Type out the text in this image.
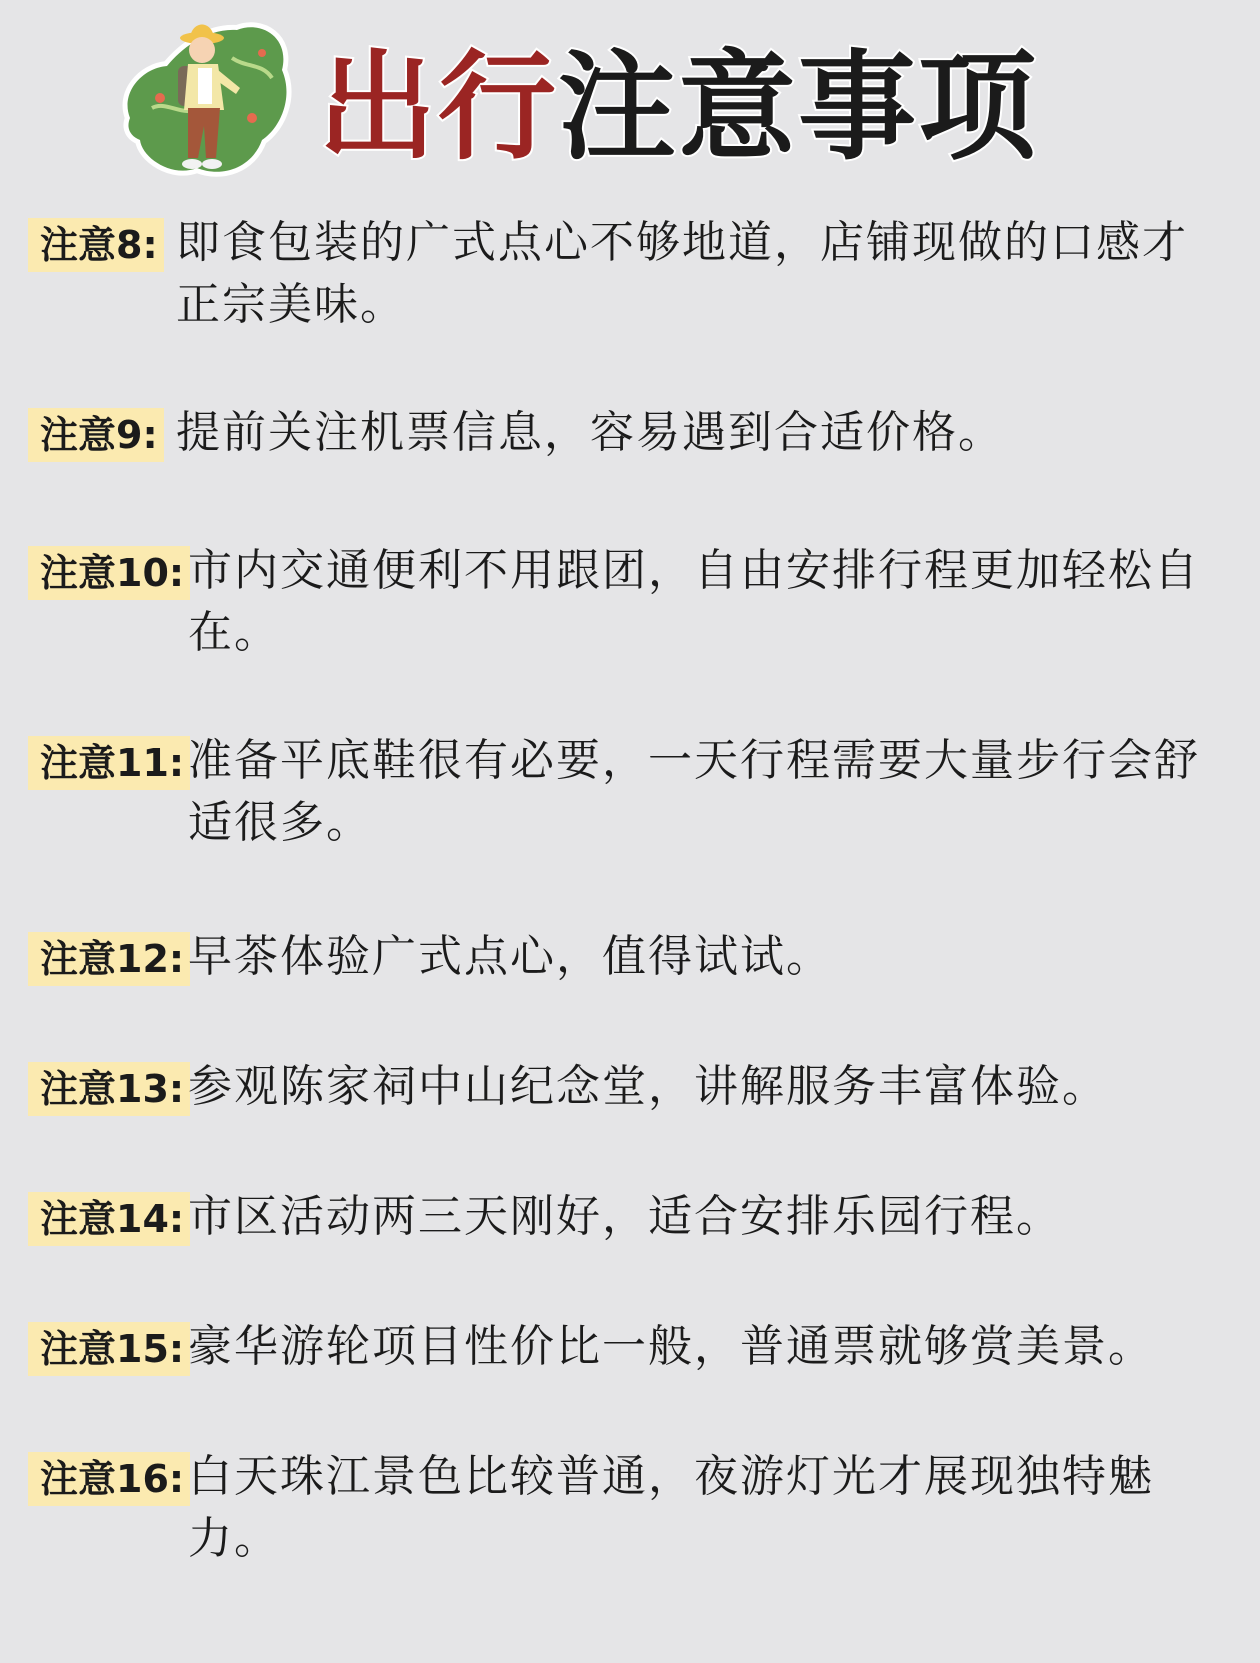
出行注意事项
注意8: 即食包装的广式点心不够地道，店铺现做的口感才正宗美味。
注意9: 提前关注机票信息，容易遇到合适价格。
注意10: 市内交通便利不用跟团，自由安排行程更加轻松自在。
注意11: 准备平底鞋很有必要，一天行程需要大量步行会舒适很多。
注意12: 早茶体验广式点心，值得试试。
注意13: 参观陈家祠中山纪念堂，讲解服务丰富体验。
注意14: 市区活动两三天刚好，适合安排乐园行程。
注意15: 豪华游轮项目性价比一般，普通票就够赏美景。
注意16: 白天珠江景色比较普通，夜游灯光才展现独特魅力。
